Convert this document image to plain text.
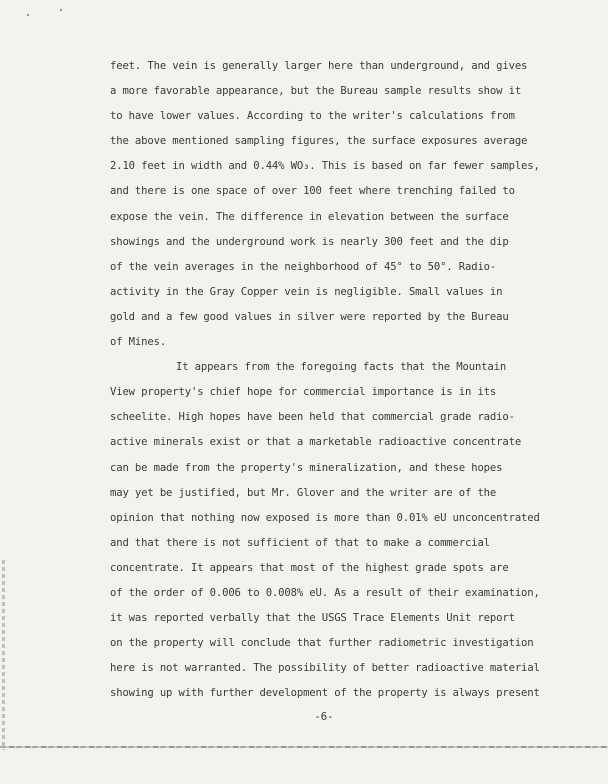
feet. The vein is generally larger here than underground, and gives
a more favorable appearance, but the Bureau sample results show it
to have lower values. According to the writer's calculations from
the above mentioned sampling figures, the surface exposures average
2.10 feet in width and 0.44% WO₃. This is based on far fewer samples,
and there is one space of over 100 feet where trenching failed to
expose the vein. The difference in elevation between the surface
showings and the underground work is nearly 300 feet and the dip
of the vein averages in the neighborhood of 45° to 50°. Radio-
activity in the Gray Copper vein is negligible. Small values in
gold and a few good values in silver were reported by the Bureau
of Mines.
It appears from the foregoing facts that the Mountain
View property's chief hope for commercial importance is in its
scheelite. High hopes have been held that commercial grade radio-
active minerals exist or that a marketable radioactive concentrate
can be made from the property's mineralization, and these hopes
may yet be justified, but Mr. Glover and the writer are of the
opinion that nothing now exposed is more than 0.01% eU unconcentrated
and that there is not sufficient of that to make a commercial
concentrate. It appears that most of the highest grade spots are
of the order of 0.006 to 0.008% eU. As a result of their examination,
it was reported verbally that the USGS Trace Elements Unit report
on the property will conclude that further radiometric investigation
here is not warranted. The possibility of better radioactive material
showing up with further development of the property is always present
-6-
